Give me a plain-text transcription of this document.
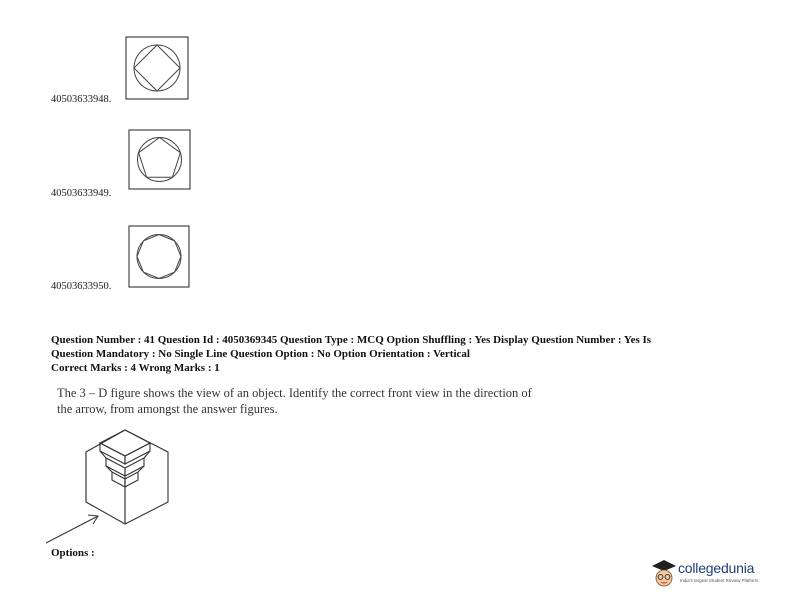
40503633948.
40503633949.
40503633950.
Question Number : 41 Question Id : 4050369345 Question Type : MCQ Option Shuffling : Yes Display Question Number : Yes Is
Question Mandatory : No Single Line Question Option : No Option Orientation : Vertical
Correct Marks : 4 Wrong Marks : 1
The 3 – D figure shows the view of an object. Identify the correct front view in the direction of
the arrow, from amongst the answer figures.
Options :
collegedunia
India's largest Student Review Platform
